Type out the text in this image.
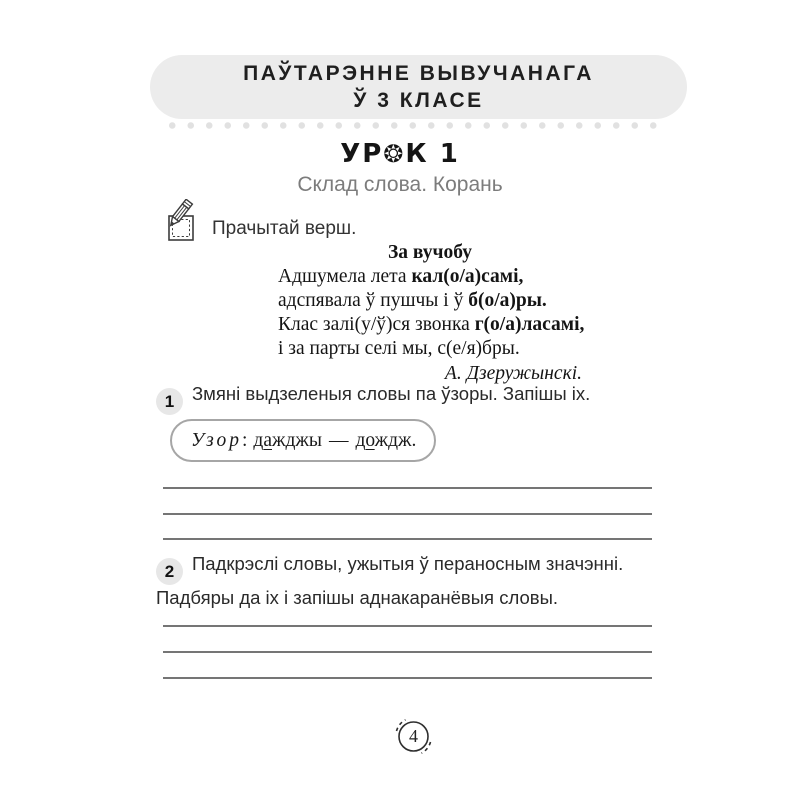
ПАЎТАРЭННЕ ВЫВУЧАНАГА
Ў 3 КЛАСЕ
УР❂К 1
Склад слова. Корань
Прачытай верш.
За вучобу
Адшумела лета кал(о/а)самі,
адспявала ў пушчы і ў б(о/а)ры.
Клас залі(у/ў)ся звонка г(о/а)ласамі,
і за парты селі мы, с(е/я)бры.
А. Дзеружынскі.
1 Змяні выдзеленыя словы па ўзоры. Запішы іх.
Узор : дажджы — дождж.
2 Падкрэслі словы, ужытыя ў пераносным значэнні. Падбяры да іх і запішы аднакаранёвыя словы.
4
